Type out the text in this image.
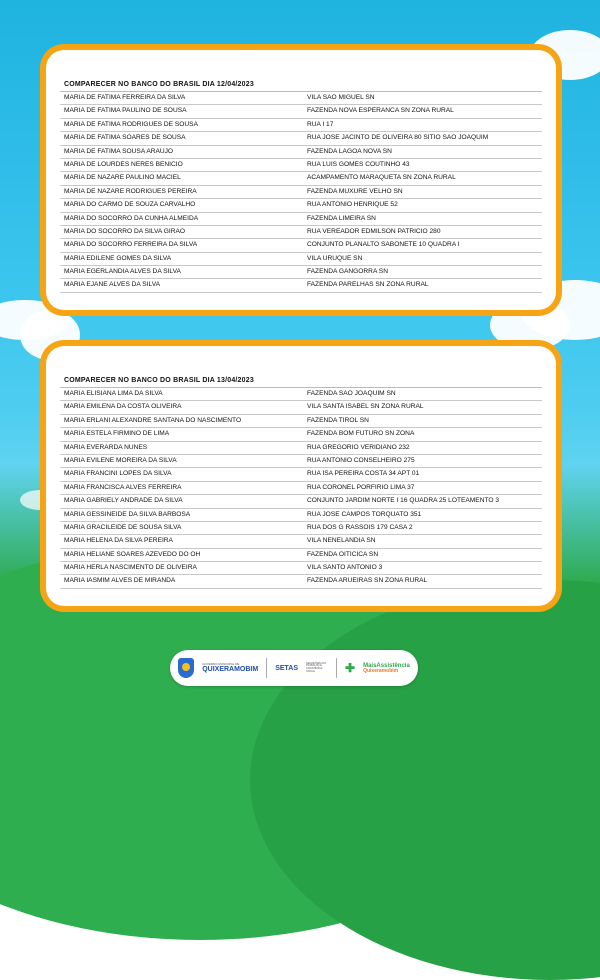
COMPARECER NO BANCO DO BRASIL DIA 12/04/2023
MARIA DE FATIMA FERREIRA DA SILVA	VILA SAO MIGUEL SN
MARIA DE FATIMA PAULINO DE SOUSA	FAZENDA NOVA ESPERANCA SN ZONA RURAL
MARIA DE FATIMA RODRIGUES DE SOUSA	RUA I 17
MARIA DE FATIMA SOARES DE SOUSA	RUA JOSE JACINTO DE OLIVEIRA 80 SITIO SAO JOAQUIM
MARIA DE FATIMA SOUSA ARAUJO	FAZENDA LAGOA NOVA SN
MARIA DE LOURDES NERES BENICIO	RUA LUIS GOMES COUTINHO 43
MARIA DE NAZARE PAULINO MACIEL	ACAMPAMENTO MARAQUETA SN ZONA RURAL
MARIA DE NAZARE RODRIGUES PEREIRA	FAZENDA MUXURE VELHO SN
MARIA DO CARMO DE SOUZA CARVALHO	RUA ANTONIO HENRIQUE 52
MARIA DO SOCORRO DA CUNHA ALMEIDA	FAZENDA LIMEIRA SN
MARIA DO SOCORRO DA SILVA GIRAO	RUA VEREADOR EDMILSON PATRICIO 280
MARIA DO SOCORRO FERREIRA DA SILVA	CONJUNTO PLANALTO SABONETE 10 QUADRA I
MARIA EDILENE GOMES DA SILVA	VILA URUQUE SN
MARIA EGERLANDIA ALVES DA SILVA	FAZENDA GANGORRA SN
MARIA EJANE ALVES DA SILVA	FAZENDA PARELHAS SN ZONA RURAL
COMPARECER NO BANCO DO BRASIL DIA 13/04/2023
MARIA ELISIANA LIMA DA SILVA	FAZENDA SAO JOAQUIM SN
MARIA EMILENA DA COSTA OLIVEIRA	VILA SANTA ISABEL SN ZONA RURAL
MARIA ERLANI ALEXANDRE SANTANA DO NASCIMENTO	FAZENDA TIROL SN
MARIA ESTELA FIRMINO DE LIMA	FAZENDA BOM FUTURO SN ZONA
MARIA EVERARDA NUNES	RUA GREGORIO VERIDIANO 232
MARIA EVILENE MOREIRA DA SILVA	RUA ANTONIO CONSELHEIRO 275
MARIA FRANCINI LOPES DA SILVA	RUA ISA PEREIRA COSTA 34 APT 01
MARIA FRANCISCA ALVES FERREIRA	RUA CORONEL PORFIRIO LIMA 37
MARIA GABRIELY ANDRADE DA SILVA	CONJUNTO JARDIM NORTE I 16 QUADRA 25 LOTEAMENTO 3
MARIA GESSINEIDE DA SILVA BARBOSA	RUA JOSE CAMPOS TORQUATO 351
MARIA GRACILEIDE DE SOUSA SILVA	RUA DOS G RASSOIS 179 CASA 2
MARIA HELENA DA SILVA PEREIRA	VILA NENELANDIA SN
MARIA HELIANE SOARES AZEVEDO DO OH	FAZENDA OITICICA SN
MARIA HERLA NASCIMENTO DE OLIVEIRA	VILA SANTO ANTONIO 3
MARIA IASMIM ALVES DE MIRANDA	FAZENDA ARUEIRAS SN ZONA RURAL
GOVERNO MUNICIPAL DE
QUIXERAMOBIM SETAS
SECRETARIA DO TRABALHO E ASSISTÊNCIA SOCIAL	✚ MaisAssistência
Quixeramobim
